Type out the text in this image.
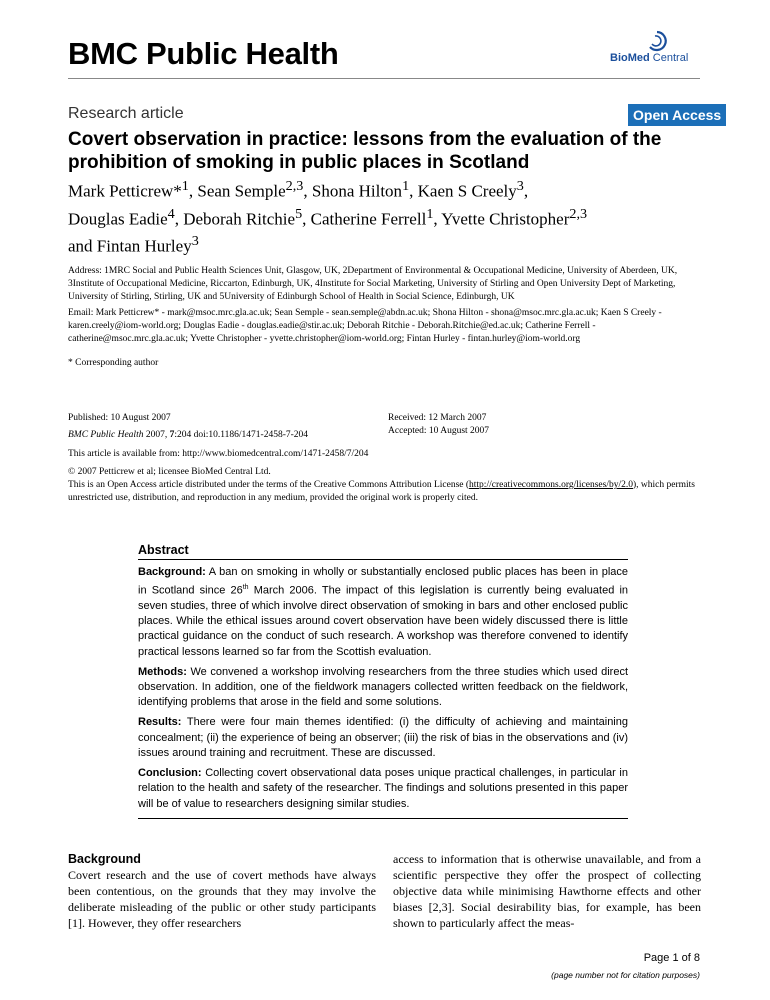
BMC Public Health	BioMed Central
Research article	Open Access
Covert observation in practice: lessons from the evaluation of the prohibition of smoking in public places in Scotland
Mark Petticrew*$^1$, Sean Semple$^{2,3}$, Shona Hilton$^1$, Kaen S Creely$^3$,
Douglas Eadie$^4$, Deborah Ritchie$^5$, Catherine Ferrell$^1$, Yvette Christopher$^{2,3}$
and Fintan Hurley$^3$
Address: 1MRC Social and Public Health Sciences Unit, Glasgow, UK, 2Department of Environmental & Occupational Medicine, University of Aberdeen, UK, 3Institute of Occupational Medicine, Riccarton, Edinburgh, UK, 4Institute for Social Marketing, University of Stirling and Open University Dept of Marketing, University of Stirling, Stirling, UK and 5University of Edinburgh School of Health in Social Science, Edinburgh, UK
Email: Mark Petticrew* - mark@msoc.mrc.gla.ac.uk; Sean Semple - sean.semple@abdn.ac.uk; Shona Hilton - shona@msoc.mrc.gla.ac.uk; Kaen S Creely - karen.creely@iom-world.org; Douglas Eadie - douglas.eadie@stir.ac.uk; Deborah Ritchie - Deborah.Ritchie@ed.ac.uk; Catherine Ferrell - catherine@msoc.mrc.gla.ac.uk; Yvette Christopher - yvette.christopher@iom-world.org; Fintan Hurley - fintan.hurley@iom-world.org
* Corresponding author
Published: 10 August 2007
BMC Public Health 2007, 7:204 doi:10.1186/1471-2458-7-204
Received: 12 March 2007
Accepted: 10 August 2007
This article is available from: http://www.biomedcentral.com/1471-2458/7/204
© 2007 Petticrew et al; licensee BioMed Central Ltd.
This is an Open Access article distributed under the terms of the Creative Commons Attribution License (http://creativecommons.org/licenses/by/2.0), which permits unrestricted use, distribution, and reproduction in any medium, provided the original work is properly cited.
Abstract
Background: A ban on smoking in wholly or substantially enclosed public places has been in place in Scotland since 26th March 2006. The impact of this legislation is currently being evaluated in seven studies, three of which involve direct observation of smoking in bars and other enclosed public places. While the ethical issues around covert observation have been widely discussed there is little practical guidance on the conduct of such research. A workshop was therefore convened to identify practical lessons learned so far from the Scottish evaluation.
Methods: We convened a workshop involving researchers from the three studies which used direct observation. In addition, one of the fieldwork managers collected written feedback on the fieldwork, identifying problems that arose in the field and some solutions.
Results: There were four main themes identified: (i) the difficulty of achieving and maintaining concealment; (ii) the experience of being an observer; (iii) the risk of bias in the observations and (iv) issues around training and recruitment. These are discussed.
Conclusion: Collecting covert observational data poses unique practical challenges, in particular in relation to the health and safety of the researcher. The findings and solutions presented in this paper will be of value to researchers designing similar studies.
Background
Covert research and the use of covert methods have always been contentious, on the grounds that they may involve the deliberate misleading of the public or other study participants [1]. However, they offer researchers
access to information that is otherwise unavailable, and from a scientific perspective they offer the prospect of collecting objective data while minimising Hawthorne effects and other biases [2,3]. Social desirability bias, for example, has been shown to particularly affect the meas-
Page 1 of 8
(page number not for citation purposes)
